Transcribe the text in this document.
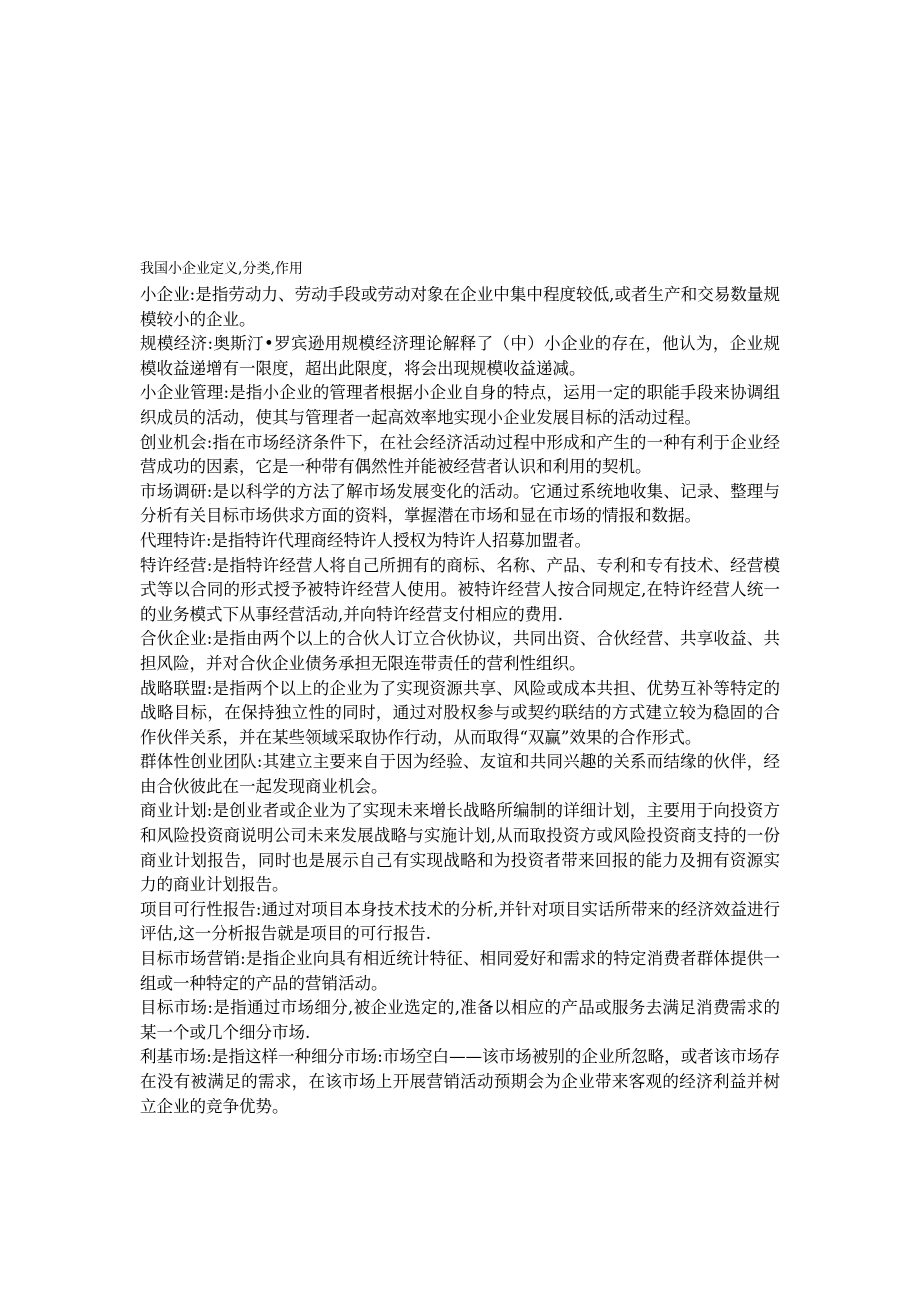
我国小企业定义,分类,作用

小企业:是指劳动力、劳动手段或劳动对象在企业中集中程度较低,或者生产和交易数量规模较小的企业。

规模经济:奥斯汀•罗宾逊用规模经济理论解释了（中）小企业的存在，他认为，企业规模收益递增有一限度，超出此限度，将会出现规模收益递减。

小企业管理:是指小企业的管理者根据小企业自身的特点，运用一定的职能手段来协调组织成员的活动，使其与管理者一起高效率地实现小企业发展目标的活动过程。

创业机会:指在市场经济条件下，在社会经济活动过程中形成和产生的一种有利于企业经营成功的因素，它是一种带有偶然性并能被经营者认识和利用的契机。

市场调研:是以科学的方法了解市场发展变化的活动。它通过系统地收集、记录、整理与分析有关目标市场供求方面的资料，掌握潜在市场和显在市场的情报和数据。

代理特许:是指特许代理商经特许人授权为特许人招募加盟者。

特许经营:是指特许经营人将自己所拥有的商标、名称、产品、专利和专有技术、经营模式等以合同的形式授予被特许经营人使用。被特许经营人按合同规定,在特许经营人统一的业务模式下从事经营活动,并向特许经营支付相应的费用.

合伙企业:是指由两个以上的合伙人订立合伙协议，共同出资、合伙经营、共享收益、共担风险，并对合伙企业债务承担无限连带责任的营利性组织。

战略联盟:是指两个以上的企业为了实现资源共享、风险或成本共担、优势互补等特定的战略目标，在保持独立性的同时，通过对股权参与或契约联结的方式建立较为稳固的合作伙伴关系，并在某些领域采取协作行动，从而取得“双赢”效果的合作形式。

群体性创业团队:其建立主要来自于因为经验、友谊和共同兴趣的关系而结缘的伙伴，经由合伙彼此在一起发现商业机会。

商业计划:是创业者或企业为了实现未来增长战略所编制的详细计划，主要用于向投资方和风险投资商说明公司未来发展战略与实施计划,从而取投资方或风险投资商支持的一份商业计划报告，同时也是展示自己有实现战略和为投资者带来回报的能力及拥有资源实力的商业计划报告。

项目可行性报告:通过对项目本身技术技术的分析,并针对项目实话所带来的经济效益进行评估,这一分析报告就是项目的可行报告.

目标市场营销:是指企业向具有相近统计特征、相同爱好和需求的特定消费者群体提供一组或一种特定的产品的营销活动。

目标市场:是指通过市场细分,被企业选定的,准备以相应的产品或服务去满足消费需求的某一个或几个细分市场.

利基市场:是指这样一种细分市场:市场空白——该市场被别的企业所忽略，或者该市场存在没有被满足的需求，在该市场上开展营销活动预期会为企业带来客观的经济利益并树立企业的竞争优势。
